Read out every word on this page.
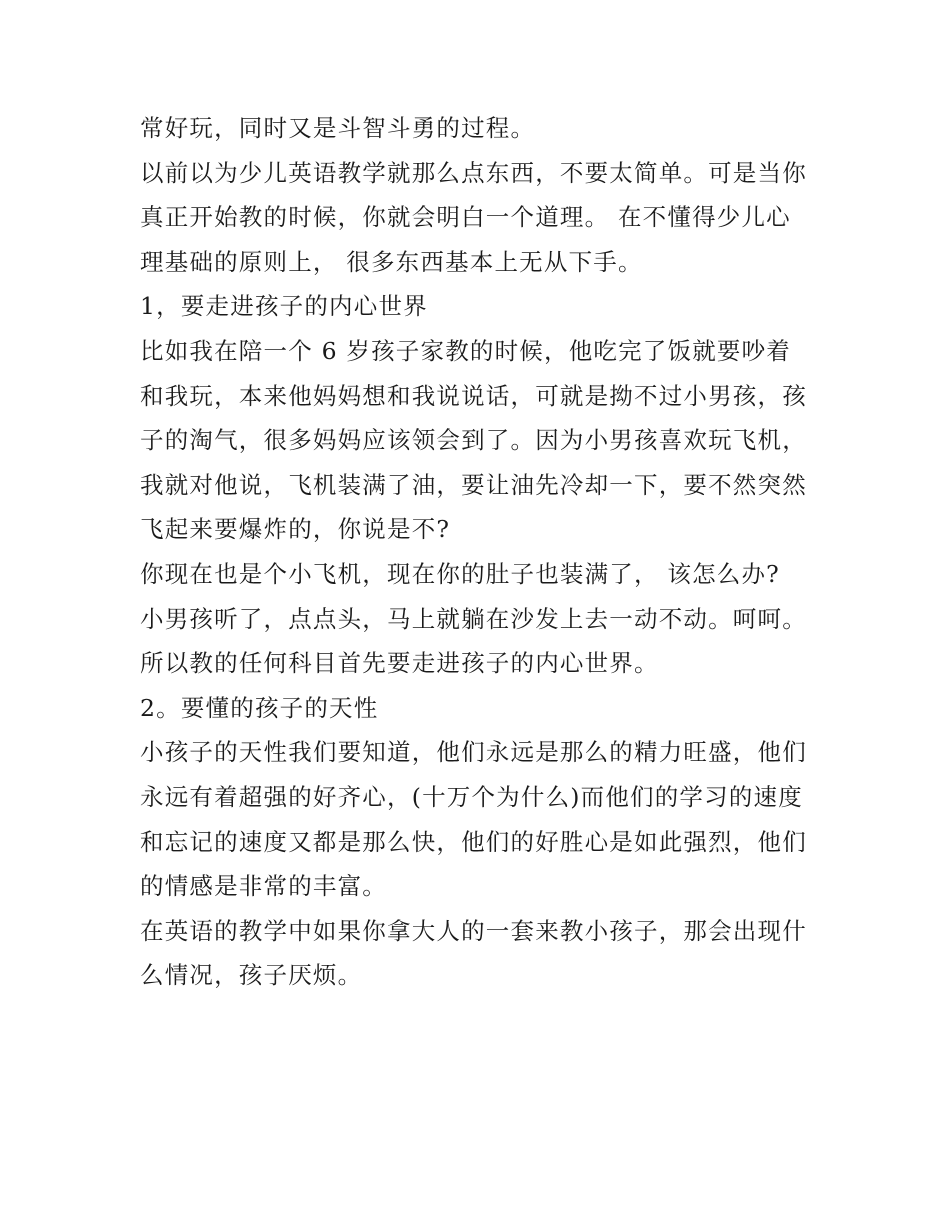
常好玩，同时又是斗智斗勇的过程。

以前以为少儿英语教学就那么点东西，不要太简单。可是当你真正开始教的时候，你就会明白一个道理。 在不懂得少儿心理基础的原则上， 很多东西基本上无从下手。

1，要走进孩子的内心世界

比如我在陪一个 6 岁孩子家教的时候，他吃完了饭就要吵着和我玩，本来他妈妈想和我说说话，可就是拗不过小男孩，孩子的淘气，很多妈妈应该领会到了。因为小男孩喜欢玩飞机，我就对他说，飞机装满了油，要让油先冷却一下，要不然突然飞起来要爆炸的，你说是不?

你现在也是个小飞机，现在你的肚子也装满了， 该怎么办? 小男孩听了，点点头，马上就躺在沙发上去一动不动。呵呵。所以教的任何科目首先要走进孩子的内心世界。

2。要懂的孩子的天性

小孩子的天性我们要知道，他们永远是那么的精力旺盛，他们永远有着超强的好齐心，(十万个为什么)而他们的学习的速度和忘记的速度又都是那么快，他们的好胜心是如此强烈，他们的情感是非常的丰富。

在英语的教学中如果你拿大人的一套来教小孩子，那会出现什么情况，孩子厌烦。
